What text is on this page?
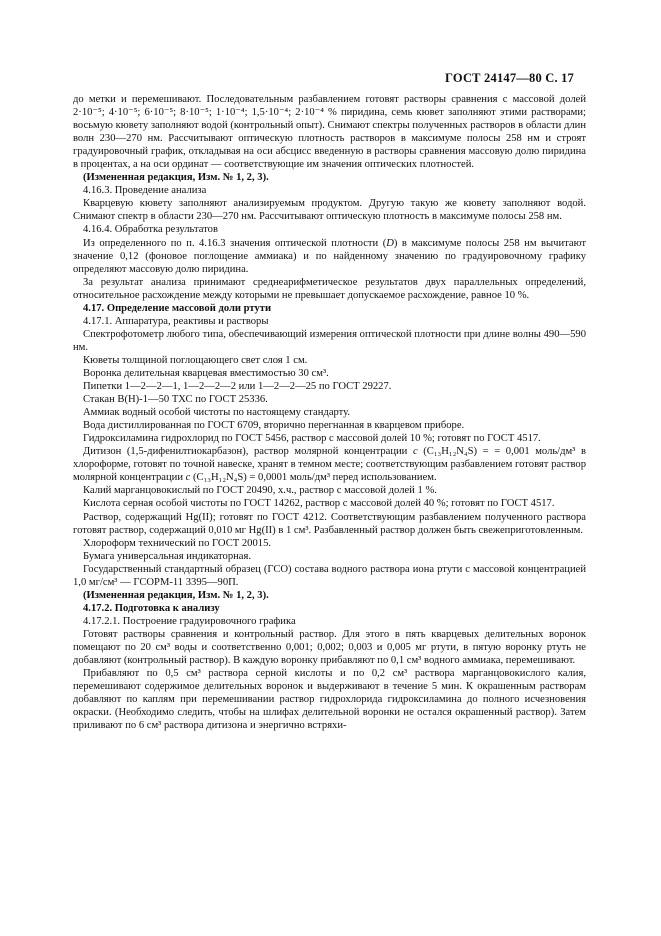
ГОСТ 24147—80 С. 17

до метки и перемешивают. Последовательным разбавлением готовят растворы сравнения с массовой долей 2·10⁻⁵; 4·10⁻⁵; 6·10⁻⁵; 8·10⁻⁵; 1·10⁻⁴; 1,5·10⁻⁴; 2·10⁻⁴ % пиридина, семь кювет заполняют этими растворами; восьмую кювету заполняют водой (контрольный опыт). Снимают спектры полученных растворов в области длин волн 230—270 нм. Рассчитывают оптическую плотность растворов в максимуме полосы 258 нм и строят градуировочный график, откладывая на оси абсцисс введенную в растворы сравнения массовую долю пиридина в процентах, а на оси ординат — соответствующие им значения оптических плотностей.

(Измененная редакция, Изм. № 1, 2, 3).

4.16.3. Проведение анализа

Кварцевую кювету заполняют анализируемым продуктом. Другую такую же кювету заполняют водой. Снимают спектр в области 230—270 нм. Рассчитывают оптическую плотность в максимуме полосы 258 нм.

4.16.4. Обработка результатов

Из определенного по п. 4.16.3 значения оптической плотности (D) в максимуме полосы 258 нм вычитают значение 0,12 (фоновое поглощение аммиака) и по найденному значению по градуировочному графику определяют массовую долю пиридина.

За результат анализа принимают среднеарифметическое результатов двух параллельных определений, относительное расхождение между которыми не превышает допускаемое расхождение, равное 10 %.

4.17. Определение массовой доли ртути

4.17.1. Аппаратура, реактивы и растворы

Спектрофотометр любого типа, обеспечивающий измерения оптической плотности при длине волны 490—590 нм.

Кюветы толщиной поглощающего свет слоя 1 см.

Воронка делительная кварцевая вместимостью 30 см³.

Пипетки 1—2—2—1, 1—2—2—2 или 1—2—2—25 по ГОСТ 29227.

Стакан В(Н)-1—50 ТХС по ГОСТ 25336.

Аммиак водный особой чистоты по настоящему стандарту.

Вода дистиллированная по ГОСТ 6709, вторично перегнанная в кварцевом приборе.

Гидроксиламина гидрохлорид по ГОСТ 5456, раствор с массовой долей 10 %; готовят по ГОСТ 4517.

Дитизон (1,5-дифенилтиокарбазон), раствор молярной концентрации c (C₁₃H₁₂N₄S) = = 0,001 моль/дм³ в хлороформе, готовят по точной навеске, хранят в темном месте; соответствующим разбавлением готовят раствор молярной концентрации c (C₁₃H₁₂N₄S) = 0,0001 моль/дм³ перед использованием.

Калий марганцовокислый по ГОСТ 20490, х.ч., раствор с массовой долей 1 %.

Кислота серная особой чистоты по ГОСТ 14262, раствор с массовой долей 40 %; готовят по ГОСТ 4517.

Раствор, содержащий Hg(II); готовят по ГОСТ 4212. Соответствующим разбавлением полученного раствора готовят раствор, содержащий 0,010 мг Hg(II) в 1 см³. Разбавленный раствор должен быть свежеприготовленным.

Хлороформ технический по ГОСТ 20015.

Бумага универсальная индикаторная.

Государственный стандартный образец (ГСО) состава водного раствора иона ртути с массовой концентрацией 1,0 мг/см³ — ГСОРМ-11 3395—90П.

(Измененная редакция, Изм. № 1, 2, 3).

4.17.2. Подготовка к анализу

4.17.2.1. Построение градуировочного графика

Готовят растворы сравнения и контрольный раствор. Для этого в пять кварцевых делительных воронок помещают по 20 см³ воды и соответственно 0,001; 0,002; 0,003 и 0,005 мг ртути, в пятую воронку ртуть не добавляют (контрольный раствор). В каждую воронку прибавляют по 0,1 см³ водного аммиака, перемешивают.

Прибавляют по 0,5 см³ раствора серной кислоты и по 0,2 см³ раствора марганцовокислого калия, перемешивают содержимое делительных воронок и выдерживают в течение 5 мин. К окрашенным растворам добавляют по каплям при перемешивании раствор гидрохлорида гидроксиламина до полного исчезновения окраски. (Необходимо следить, чтобы на шлифах делительной воронки не остался окрашенный раствор). Затем приливают по 6 см³ раствора дитизона и энергично встряхи-
